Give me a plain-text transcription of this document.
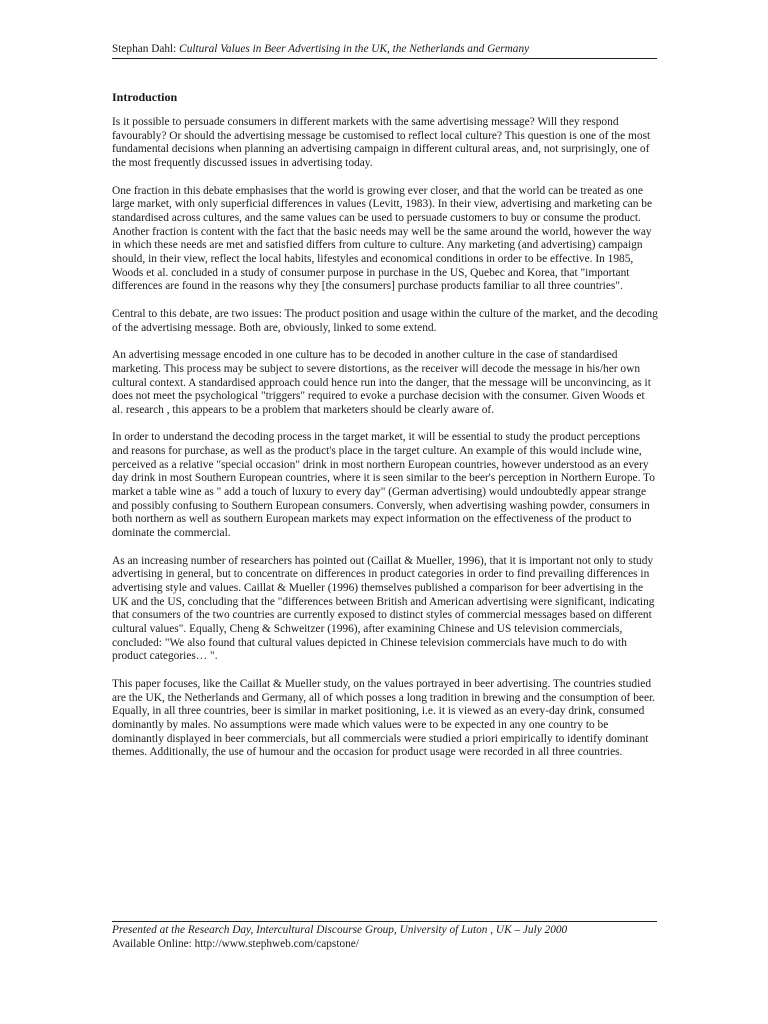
Stephan Dahl: Cultural Values in Beer Advertising in the UK, the Netherlands and Germany
Introduction

Is it possible to persuade consumers in different markets with the same advertising message? Will they respond favourably? Or should the advertising message be customised to reflect local culture? This question is one of the most fundamental decisions when planning an advertising campaign in different cultural areas, and, not surprisingly, one of the most frequently discussed issues in advertising today.

One fraction in this debate emphasises that the world is growing ever closer, and that the world can be treated as one large market, with only superficial differences in values (Levitt, 1983). In their view, advertising and marketing can be standardised across cultures, and the same values can be used to persuade customers to buy or consume the product. Another fraction is content with the fact that the basic needs may well be the same around the world, however the way in which these needs are met and satisfied differs from culture to culture. Any marketing (and advertising) campaign should, in their view, reflect the local habits, lifestyles and economical conditions in order to be effective. In 1985, Woods et al. concluded in a study of consumer purpose in purchase in the US, Quebec and Korea, that "important differences are found in the reasons why they [the consumers] purchase products familiar to all three countries".

Central to this debate, are two issues: The product position and usage within the culture of the market, and the decoding of the advertising message. Both are, obviously, linked to some extend.

An advertising message encoded in one culture has to be decoded in another culture in the case of standardised marketing. This process may be subject to severe distortions, as the receiver will decode the message in his/her own cultural context. A standardised approach could hence run into the danger, that the message will be unconvincing, as it does not meet the psychological "triggers" required to evoke a purchase decision with the consumer. Given Woods et al. research , this appears to be a problem that marketers should be clearly aware of.

In order to understand the decoding process in the target market, it will be essential to study the product perceptions and reasons for purchase, as well as the product's place in the target culture. An example of this would include wine, perceived as a relative "special occasion" drink in most northern European countries, however understood as an every day drink in most Southern European countries, where it is seen similar to the beer's perception in Northern Europe. To market a table wine as " add a touch of luxury to every day" (German advertising) would undoubtedly appear strange and possibly confusing to Southern European consumers. Conversly, when advertising washing powder, consumers in both northern as well as southern European markets may expect information on the effectiveness of the product to dominate the commercial.

As an increasing number of researchers has pointed out (Caillat & Mueller, 1996), that it is important not only to study advertising in general, but to concentrate on differences in product categories in order to find prevailing differences in advertising style and values. Caillat & Mueller (1996) themselves published a comparison for beer advertising in the UK and the US, concluding that the "differences between British and American advertising were significant, indicating that consumers of the two countries are currently exposed to distinct styles of commercial messages based on different cultural values". Equally, Cheng & Schweitzer (1996), after examining Chinese and US television commercials, concluded: "We also found that cultural values depicted in Chinese television commercials have much to do with product categories… ".

This paper focuses, like the Caillat & Mueller study, on the values portrayed in beer advertising. The countries studied are the UK, the Netherlands and Germany, all of which posses a long tradition in brewing and the consumption of beer. Equally, in all three countries, beer is similar in market positioning, i.e. it is viewed as an every-day drink, consumed dominantly by males. No assumptions were made which values were to be expected in any one country to be dominantly displayed in beer commercials, but all commercials were studied a priori empirically to identify dominant themes. Additionally, the use of humour and the occasion for product usage were recorded in all three countries.

Presented at the Research Day, Intercultural Discourse Group, University of Luton , UK – July 2000
Available Online: http://www.stephweb.com/capstone/
